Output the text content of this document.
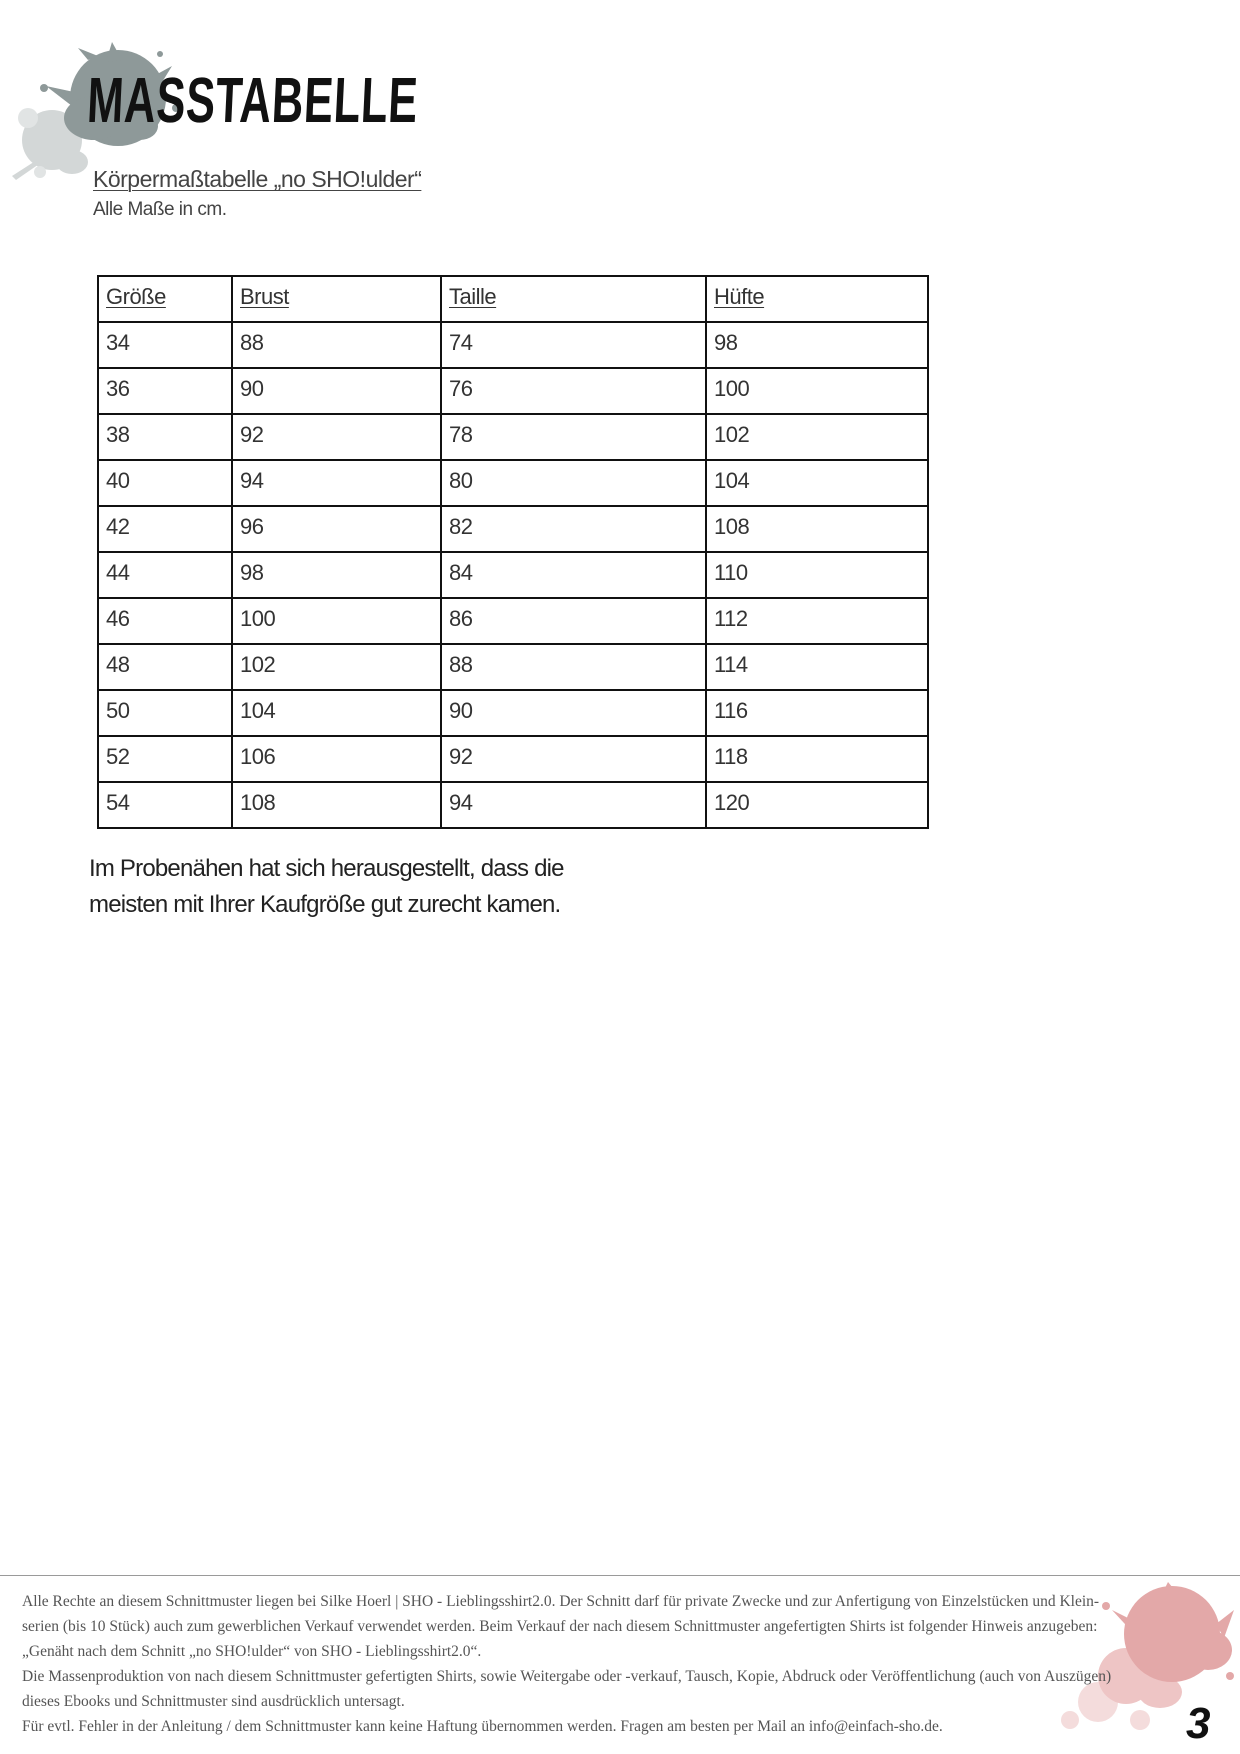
MASSTABELLE
Körpermaßtabelle „no SHO!ulder“
Alle Maße in cm.
Größe	Brust	Taille	Hüfte
34	88	74	98
36	90	76	100
38	92	78	102
40	94	80	104
42	96	82	108
44	98	84	110
46	100	86	112
48	102	88	114
50	104	90	116
52	106	92	118
54	108	94	120
Im Probenähen hat sich herausgestellt, dass die
meisten mit Ihrer Kaufgröße gut zurecht kamen.
Alle Rechte an diesem Schnittmuster liegen bei Silke Hoerl | SHO - Lieblingsshirt2.0. Der Schnitt darf für private Zwecke und zur Anfertigung von Einzelstücken und Klein-
serien (bis 10 Stück) auch zum gewerblichen Verkauf verwendet werden. Beim Verkauf der nach diesem Schnittmuster angefertigten Shirts ist folgender Hinweis anzugeben:
„Genäht nach dem Schnitt „no SHO!ulder“ von SHO - Lieblingsshirt2.0“.
Die Massenproduktion von nach diesem Schnittmuster gefertigten Shirts, sowie Weitergabe oder -verkauf, Tausch, Kopie, Abdruck oder Veröffentlichung (auch von Auszügen)
dieses Ebooks und Schnittmuster sind ausdrücklich untersagt.
Für evtl. Fehler in der Anleitung / dem Schnittmuster kann keine Haftung übernommen werden. Fragen am besten per Mail an info@einfach-sho.de.	3
